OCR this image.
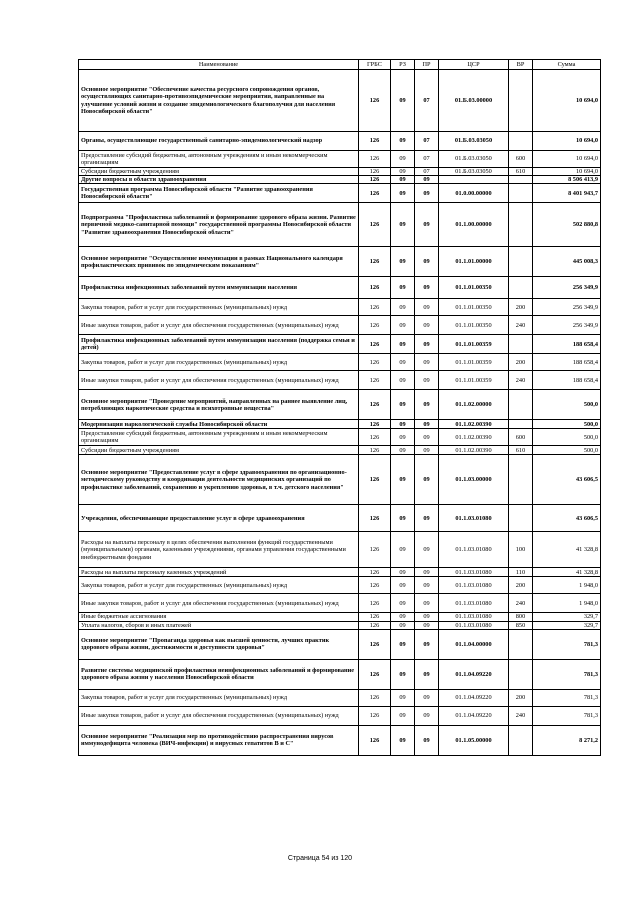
Наименование	ГРБС	РЗ	ПР	ЦСР	ВР	Сумма
Основное мероприятие "Обеспечение качества ресурсного сопровождения органов, осуществляющих санитарно-противоэпидемические мероприятия, направленные на улучшение условий жизни и создание эпидемиологического благополучия для населения Новосибирской области"	126	09	07	01.Б.03.00000		10 694,0
Органы, осуществляющие государственный санитарно-эпидемиологический надзор	126	09	07	01.Б.03.03050		10 694,0
Предоставление субсидий бюджетным, автономным учреждениям и иным некоммерческим организациям	126	09	07	01.Б.03.03050	600	10 694,0
Субсидии бюджетным учреждениям	126	09	07	01.Б.03.03050	610	10 694,0
Другие вопросы в области здравоохранения	126	09	09			8 506 413,9
Государственная программа Новосибирской области "Развитие здравоохранения Новосибирской области"	126	09	09	01.0.00.00000		8 401 943,7
Подпрограмма "Профилактика заболеваний и формирование здорового образа жизни. Развитие первичной медико-санитарной помощи" государственной программы Новосибирской области "Развитие здравоохранения Новосибирской области"	126	09	09	01.1.00.00000		502 880,8
Основное мероприятие "Осуществление иммунизации в рамках Национального календаря профилактических прививок по эпидемическим показаниям"	126	09	09	01.1.01.00000		445 008,3
Профилактика инфекционных заболеваний путем иммунизации населения	126	09	09	01.1.01.00350		256 349,9
Закупка товаров, работ и услуг для государственных (муниципальных) нужд	126	09	09	01.1.01.00350	200	256 349,9
Иные закупки товаров, работ и услуг для обеспечения государственных (муниципальных) нужд	126	09	09	01.1.01.00350	240	256 349,9
Профилактика инфекционных заболеваний путем иммунизации населения (поддержка семьи и детей)	126	09	09	01.1.01.00359		188 658,4
Закупка товаров, работ и услуг для государственных (муниципальных) нужд	126	09	09	01.1.01.00359	200	188 658,4
Иные закупки товаров, работ и услуг для обеспечения государственных (муниципальных) нужд	126	09	09	01.1.01.00359	240	188 658,4
Основное мероприятие "Проведение мероприятий, направленных на раннее выявление лиц, потребляющих наркотические средства и психотропные вещества"	126	09	09	01.1.02.00000		500,0
Модернизация наркологической службы Новосибирской области	126	09	09	01.1.02.00390		500,0
Предоставление субсидий бюджетным, автономным учреждениям и иным некоммерческим организациям	126	09	09	01.1.02.00390	600	500,0
Субсидии бюджетным учреждениям	126	09	09	01.1.02.00390	610	500,0
Основное мероприятие "Предоставление услуг в сфере здравоохранения по организационно-методическому руководству и координации деятельности медицинских организаций по профилактике заболеваний, сохранению и укреплению здоровья, в т.ч. детского населения"	126	09	09	01.1.03.00000		43 606,5
Учреждения, обеспечивающие предоставление услуг в сфере здравоохранения	126	09	09	01.1.03.01080		43 606,5
Расходы на выплаты персоналу в целях обеспечения выполнения функций государственными (муниципальными) органами, казенными учреждениями, органами управления государственными внебюджетными фондами	126	09	09	01.1.03.01080	100	41 328,8
Расходы на выплаты персоналу казенных учреждений	126	09	09	01.1.03.01080	110	41 328,8
Закупка товаров, работ и услуг для государственных (муниципальных) нужд	126	09	09	01.1.03.01080	200	1 948,0
Иные закупки товаров, работ и услуг для обеспечения государственных (муниципальных) нужд	126	09	09	01.1.03.01080	240	1 948,0
Иные бюджетные ассигнования	126	09	09	01.1.03.01080	800	329,7
Уплата налогов, сборов и иных платежей	126	09	09	01.1.03.01080	850	329,7
Основное мероприятие "Пропаганда здоровья как высшей ценности, лучших практик здорового образа жизни, достижимости и доступности здоровья"	126	09	09	01.1.04.00000		781,3
Развитие системы медицинской профилактики неинфекционных заболеваний и формирование здорового образа жизни у населения Новосибирской области	126	09	09	01.1.04.09220		781,3
Закупка товаров, работ и услуг для государственных (муниципальных) нужд	126	09	09	01.1.04.09220	200	781,3
Иные закупки товаров, работ и услуг для обеспечения государственных (муниципальных) нужд	126	09	09	01.1.04.09220	240	781,3
Основное мероприятие "Реализация мер по противодействию распространения вирусов иммунодефицита человека (ВИЧ-инфекции) и вирусных гепатитов В и С"	126	09	09	01.1.05.00000		8 271,2
Страница 54 из 120
